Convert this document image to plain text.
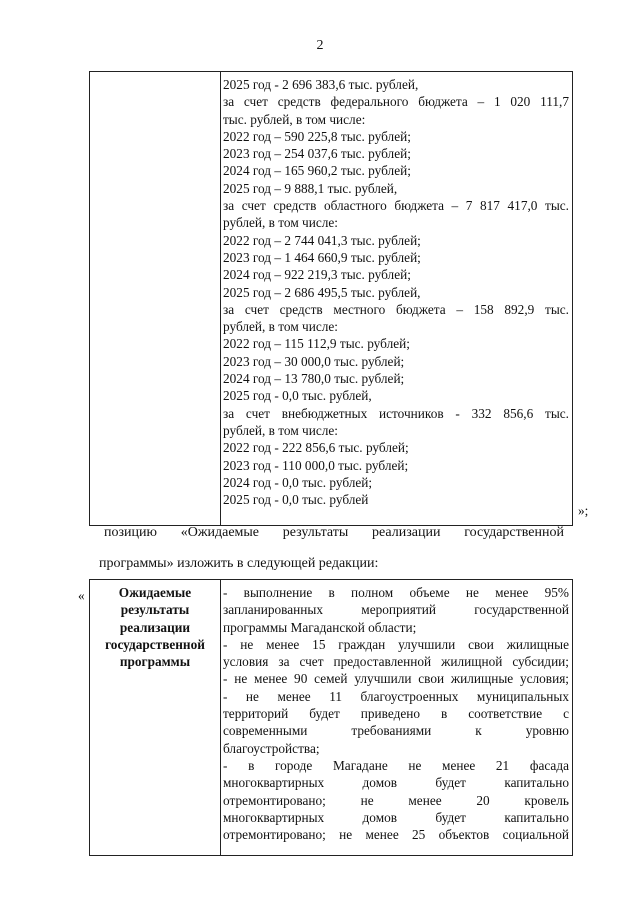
2
2025 год - 2 696 383,6 тыс. рублей,
за счет средств федерального бюджета – 1 020 111,7
тыс. рублей, в том числе:
2022 год – 590 225,8 тыс. рублей;
2023 год – 254 037,6 тыс. рублей;
2024 год – 165 960,2 тыс. рублей;
2025 год – 9 888,1 тыс. рублей,
за счет средств областного бюджета – 7 817 417,0 тыс.
рублей, в том числе:
2022 год – 2 744 041,3 тыс. рублей;
2023 год – 1 464 660,9 тыс. рублей;
2024 год – 922 219,3 тыс. рублей;
2025 год – 2 686 495,5 тыс. рублей,
за счет средств местного бюджета – 158 892,9 тыс.
рублей, в том числе:
2022 год – 115 112,9 тыс. рублей;
2023 год – 30 000,0 тыс. рублей;
2024 год – 13 780,0 тыс. рублей;
2025 год - 0,0 тыс. рублей,
за счет внебюджетных источников - 332 856,6 тыс.
рублей, в том числе:
2022 год - 222 856,6 тыс. рублей;
2023 год - 110 000,0 тыс. рублей;
2024 год - 0,0 тыс. рублей;
2025 год - 0,0 тыс. рублей
»;
позицию «Ожидаемые результаты реализации государственной
программы» изложить в следующей редакции:
«	Ожидаемые результаты реализации государственной программы
- выполнение в полном объеме не менее 95%
запланированных мероприятий государственной
программы Магаданской области;
- не менее 15 граждан улучшили свои жилищные
условия за счет предоставленной жилищной субсидии;
- не менее 90 семей улучшили свои жилищные условия;
- не менее 11 благоустроенных муниципальных
территорий будет приведено в соответствие с
современными требованиями к уровню
благоустройства;
- в городе Магадане не менее 21 фасада
многоквартирных домов будет капитально
отремонтировано; не менее 20 кровель
многоквартирных домов будет капитально
отремонтировано; не менее 25 объектов социальной
